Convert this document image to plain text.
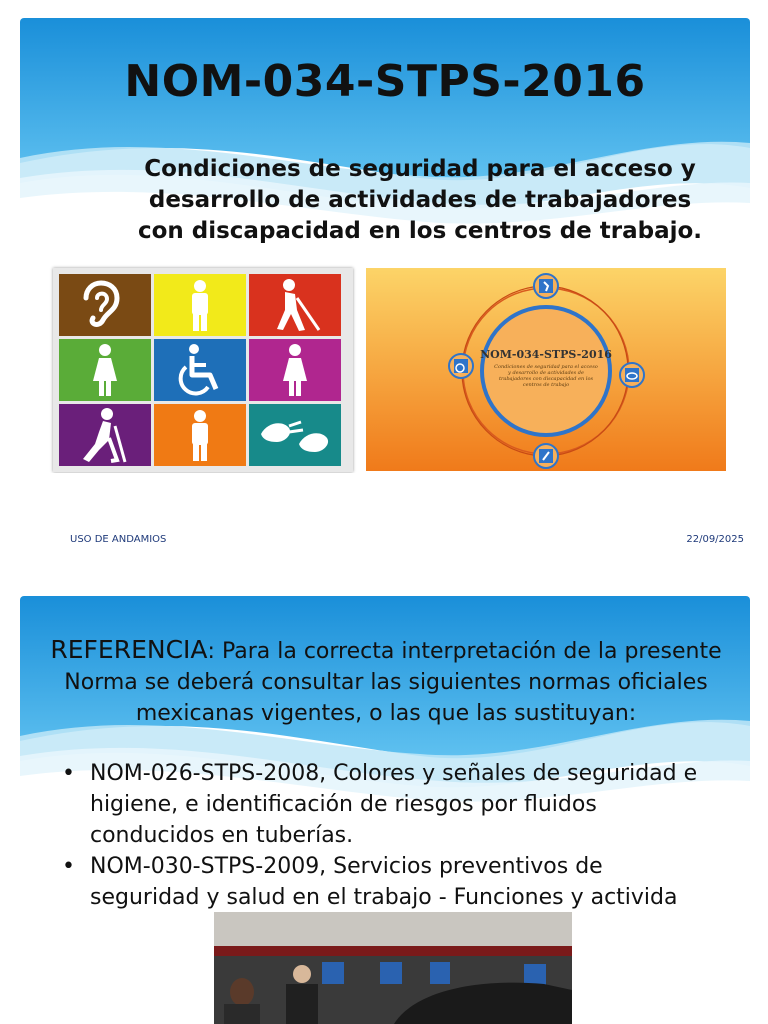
NOM-034-STPS-2016
Condiciones de seguridad para el acceso y desarrollo de actividades de trabajadores con discapacidad en los centros de trabajo.
NOM-034-STPS-2016
Condiciones de seguridad para el acceso y desarrollo de actividades de trabajadores con discapacidad en los centros de trabajo
USO DE ANDAMIOS	22/09/2025
REFERENCIA: Para la correcta interpretación de la presente Norma se deberá consultar las siguientes normas oficiales mexicanas vigentes, o las que las sustituyan:
• NOM-026-STPS-2008, Colores y señales de seguridad e higiene, e identificación de riesgos por fluidos conducidos en tuberías.
• NOM-030-STPS-2009, Servicios preventivos de seguridad y salud en el trabajo - Funciones y activida
